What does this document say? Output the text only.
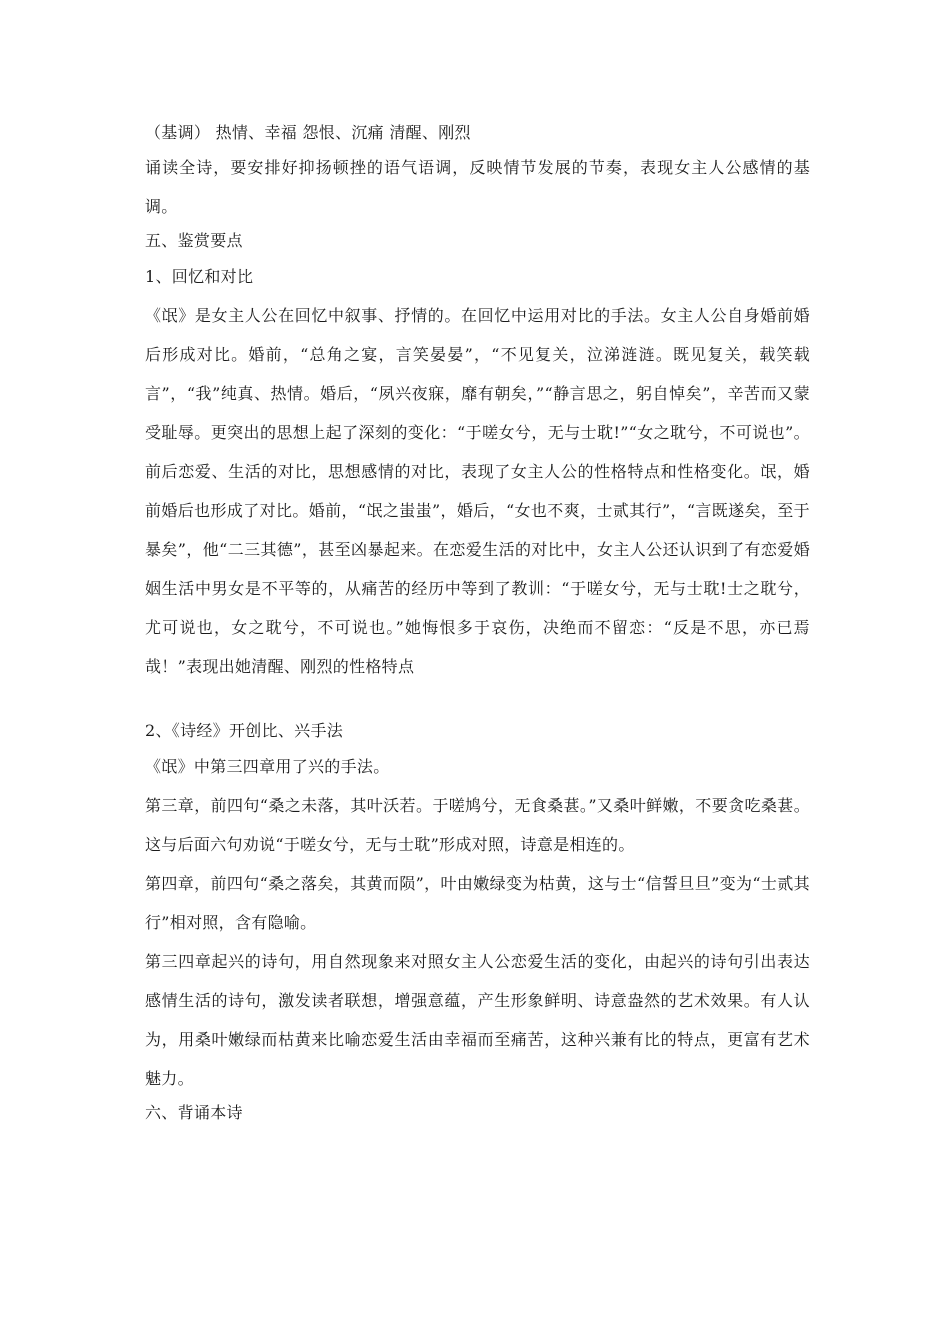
（基调） 热情、幸福 怨恨、沉痛 清醒、刚烈
诵读全诗，要安排好抑扬顿挫的语气语调，反映情节发展的节奏，表现女主人公感情的基调。
五、鉴赏要点
1、回忆和对比
《氓》是女主人公在回忆中叙事、抒情的。在回忆中运用对比的手法。女主人公自身婚前婚后形成对比。婚前，“总角之宴，言笑晏晏”，“不见复关，泣涕涟涟。既见复关，载笑载言”，“我”纯真、热情。婚后，“夙兴夜寐，靡有朝矣，”“静言思之，躬自悼矣”，辛苦而又蒙受耻辱。更突出的思想上起了深刻的变化：“于嗟女兮，无与士耽!”“女之耽兮，不可说也”。前后恋爱、生活的对比，思想感情的对比，表现了女主人公的性格特点和性格变化。氓，婚前婚后也形成了对比。婚前，“氓之蚩蚩”，婚后，“女也不爽，士贰其行”，“言既遂矣，至于暴矣”，他“二三其德”，甚至凶暴起来。在恋爱生活的对比中，女主人公还认识到了有恋爱婚姻生活中男女是不平等的，从痛苦的经历中等到了教训：“于嗟女兮，无与士耽!士之耽兮，尤可说也，女之耽兮，不可说也。”她悔恨多于哀伤，决绝而不留恋：“反是不思，亦已焉哉！”表现出她清醒、刚烈的性格特点
2、《诗经》开创比、兴手法
《氓》中第三四章用了兴的手法。
第三章，前四句“桑之未落，其叶沃若。于嗟鸠兮，无食桑葚。”又桑叶鲜嫩，不要贪吃桑葚。这与后面六句劝说“于嗟女兮，无与士耽”形成对照，诗意是相连的。
第四章，前四句“桑之落矣，其黄而陨”，叶由嫩绿变为枯黄，这与士“信誓旦旦”变为“士贰其行”相对照，含有隐喻。
第三四章起兴的诗句，用自然现象来对照女主人公恋爱生活的变化，由起兴的诗句引出表达感情生活的诗句，激发读者联想，增强意蕴，产生形象鲜明、诗意盎然的艺术效果。有人认为，用桑叶嫩绿而枯黄来比喻恋爱生活由幸福而至痛苦，这种兴兼有比的特点，更富有艺术魅力。
六、背诵本诗
